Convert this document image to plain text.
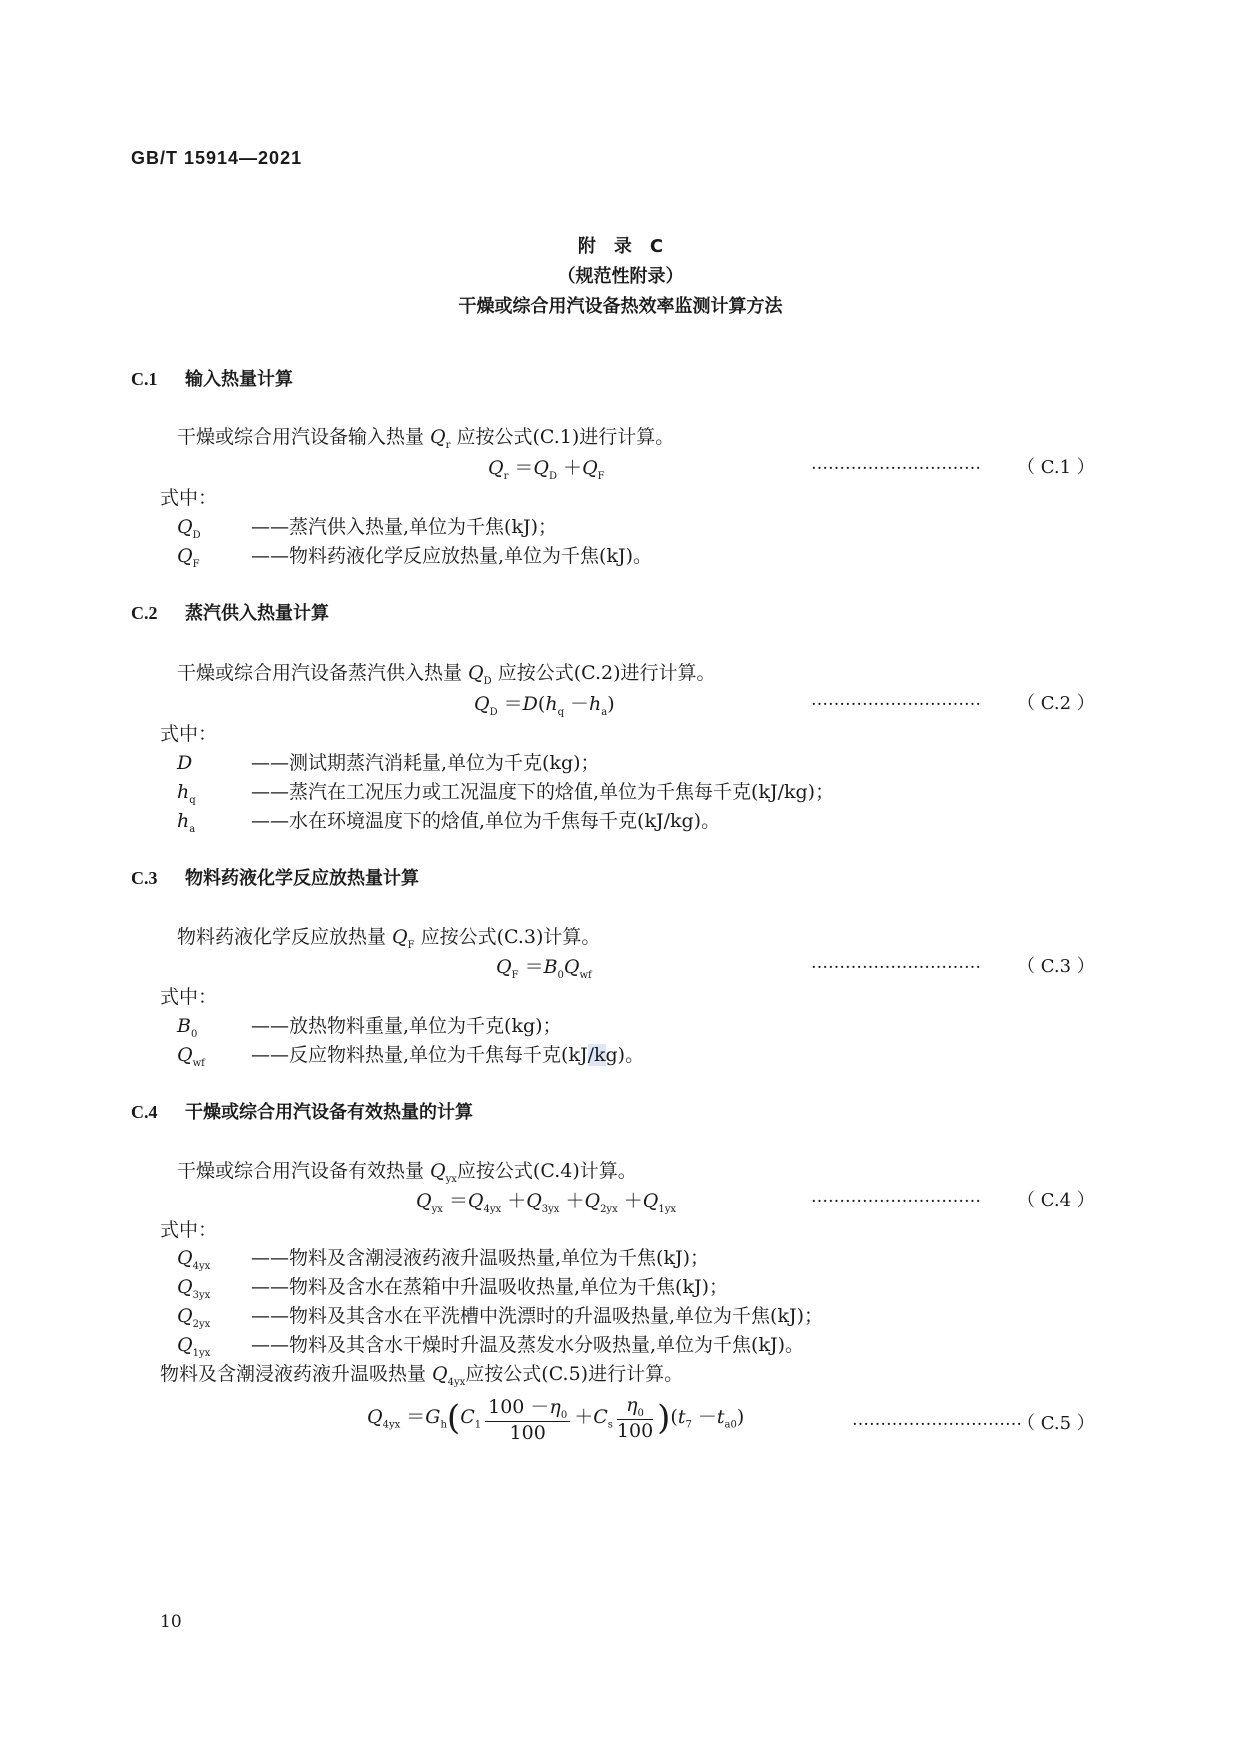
GB/T 15914—2021
附　录　C
（规范性附录）
干燥或综合用汽设备热效率监测计算方法
C.1 输入热量计算
干燥或综合用汽设备输入热量 $Q_r$ 应按公式(C.1)进行计算。
$Q_r =Q_D +Q_F$
………………………… （ C.1 ）
式中：
$Q_D$	——蒸汽供入热量,单位为千焦(kJ)；
$Q_F$	——物料药液化学反应放热量,单位为千焦(kJ)。
C.2 蒸汽供入热量计算
干燥或综合用汽设备蒸汽供入热量 $Q_D$ 应按公式(C.2)进行计算。
$Q_D =D(h_q -h_a)$	………………………… （ C.2 ）
式中：
D	——测试期蒸汽消耗量,单位为千克(kg)；
$h_q$	——蒸汽在工况压力或工况温度下的焓值,单位为千焦每千克(kJ/kg)；
$h_a$	——水在环境温度下的焓值,单位为千焦每千克(kJ/kg)。
C.3 物料药液化学反应放热量计算
物料药液化学反应放热量 $Q_F$ 应按公式(C.3)计算。
$Q_F =B_0Q_{wf}$
………………………… （ C.3 ）
式中：
$B_0$	——放热物料重量,单位为千克(kg)；
$Q_{wf}$ ——反应物料热量,单位为千焦每千克(kJ/kg)。
C.4 干燥或综合用汽设备有效热量的计算
干燥或综合用汽设备有效热量 $Q_{yx}$应按公式(C.4)计算。
$Q_{yx} =Q_{4yx} +Q_{3yx} +Q_{2yx} +Q_{1yx}$
………………………… （ C.4 ）
式中：
$Q_{4yx}$ ——物料及含潮浸液药液升温吸热量,单位为千焦(kJ)；
$Q_{3yx}$ ——物料及含水在蒸箱中升温吸收热量,单位为千焦(kJ)；
$Q_{2yx}$ ——物料及其含水在平洗槽中洗漂时的升温吸热量,单位为千焦(kJ)；
$Q_{1yx}$ ——物料及其含水干燥时升温及蒸发水分吸热量,单位为千焦(kJ)。
物料及含潮浸液药液升温吸热量 $Q_{4yx}$应按公式(C.5)进行计算。
$Q_{4yx} =G_h(C_1 \frac{100 -\eta_0}{100} +C_s \frac{\eta_0}{100} )(t_7 -t_{a0})$	…………………………
（ C.5 ）
10
